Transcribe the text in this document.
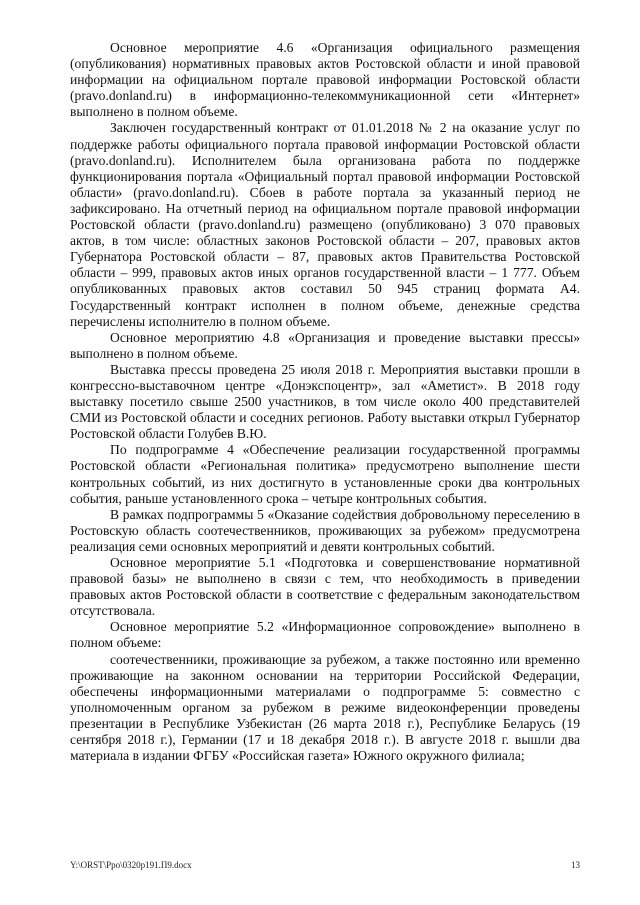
Основное мероприятие 4.6 «Организация официального размещения (опубликования) нормативных правовых актов Ростовской области и иной правовой информации на официальном портале правовой информации Ростовской области (pravo.donland.ru) в информационно-телекоммуникационной сети «Интернет» выполнено в полном объеме.

Заключен государственный контракт от 01.01.2018 № 2 на оказание услуг по поддержке работы официального портала правовой информации Ростовской области (pravo.donland.ru). Исполнителем была организована работа по поддержке функционирования портала «Официальный портал правовой информации Ростовской области» (pravo.donland.ru). Сбоев в работе портала за указанный период не зафиксировано. На отчетный период на официальном портале правовой информации Ростовской области (pravo.donland.ru) размещено (опубликовано) 3 070 правовых актов, в том числе: областных законов Ростовской области – 207, правовых актов Губернатора Ростовской области – 87, правовых актов Правительства Ростовской области – 999, правовых актов иных органов государственной власти – 1 777. Объем опубликованных правовых актов составил 50 945 страниц формата А4. Государственный контракт исполнен в полном объеме, денежные средства перечислены исполнителю в полном объеме.

Основное мероприятию 4.8 «Организация и проведение выставки прессы» выполнено в полном объеме.

Выставка прессы проведена 25 июля 2018 г. Мероприятия выставки прошли в конгрессно-выставочном центре «Донэкспоцентр», зал «Аметист». В 2018 году выставку посетило свыше 2500 участников, в том числе около 400 представителей СМИ из Ростовской области и соседних регионов. Работу выставки открыл Губернатор Ростовской области Голубев В.Ю.

По подпрограмме 4 «Обеспечение реализации государственной программы Ростовской области «Региональная политика» предусмотрено выполнение шести контрольных событий, из них достигнуто в установленные сроки два контрольных события, раньше установленного срока – четыре контрольных события.

В рамках подпрограммы 5 «Оказание содействия добровольному переселению в Ростовскую область соотечественников, проживающих за рубежом» предусмотрена реализация семи основных мероприятий и девяти контрольных событий.

Основное мероприятие 5.1 «Подготовка и совершенствование нормативной правовой базы» не выполнено в связи с тем, что необходимость в приведении правовых актов Ростовской области в соответствие с федеральным законодательством отсутствовала.

Основное мероприятие 5.2 «Информационное сопровождение» выполнено в полном объеме:

соотечественники, проживающие за рубежом, а также постоянно или временно проживающие на законном основании на территории Российской Федерации, обеспечены информационными материалами о подпрограмме 5: совместно с уполномоченным органом за рубежом в режиме видеоконференции проведены презентации в Республике Узбекистан (26 марта 2018 г.), Республике Беларусь (19 сентября 2018 г.), Германии (17 и 18 декабря 2018 г.). В августе 2018 г. вышли два материала в издании ФГБУ «Российская газета» Южного окружного филиала;

Y:\ORST\Ppo\0320p191.П9.docx	13
